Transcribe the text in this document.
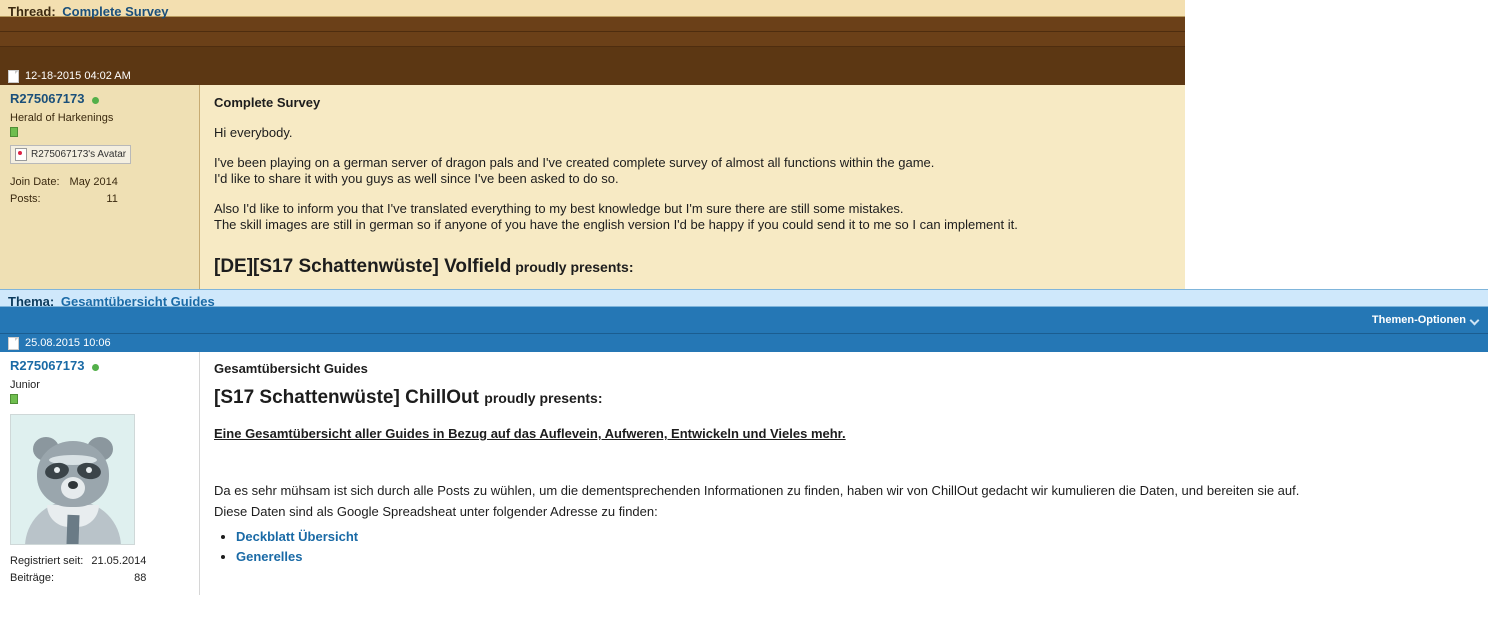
Thread: Complete Survey
12-18-2015 04:02 AM
R275067173
Herald of Harkenings
R275067173's Avatar
Join Date:	May 2014
Posts:	11
Complete Survey

Hi everybody.

I've been playing on a german server of dragon pals and I've created complete survey of almost all functions within the game.

I'd like to share it with you guys as well since I've been asked to do so.

Also I'd like to inform you that I've translated everything to my best knowledge but I'm sure there are still some mistakes.

The skill images are still in german so if anyone of you have the english version I'd be happy if you could send it to me so I can implement it.

[DE][S17 Schattenwüste] Volfield proudly presents:
Thema: Gesamtübersicht Guides
Themen-Optionen
25.08.2015 10:06
R275067173
Junior
Registriert seit:	21.05.2014
Beiträge:	88
Gesamtübersicht Guides
[S17 Schattenwüste] ChillOut proudly presents:
Eine Gesamtübersicht aller Guides in Bezug auf das Auflevein, Aufweren, Entwickeln und Vieles mehr.

Da es sehr mühsam ist sich durch alle Posts zu wühlen, um die dementsprechenden Informationen zu finden, haben wir von ChillOut gedacht wir kumulieren die Daten, und bereiten sie auf.

Diese Daten sind als Google Spreadsheat unter folgender Adresse zu finden:

• Deckblatt Übersicht
• Generelles
